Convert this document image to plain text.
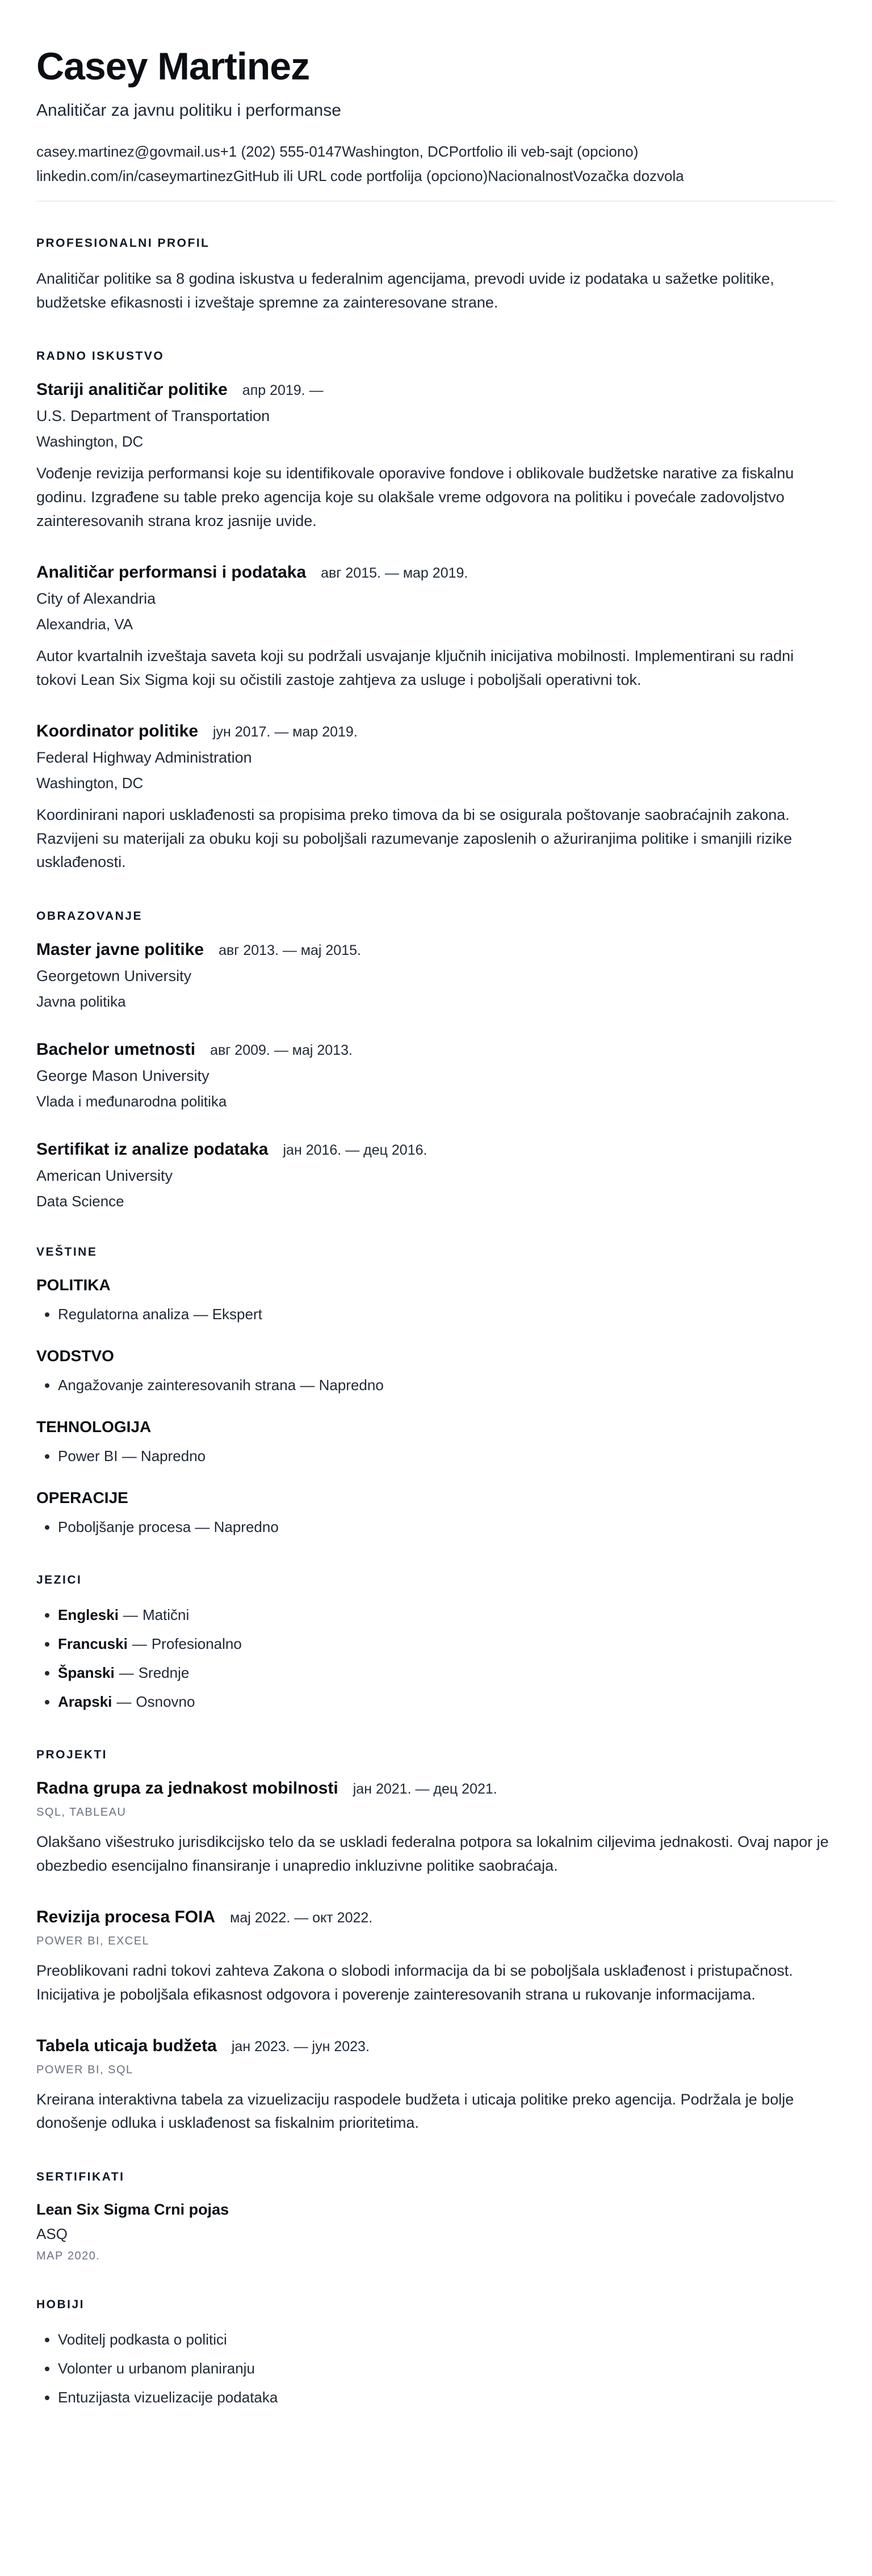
Casey Martinez
Analitičar za javnu politiku i performanse
casey.martinez@govmail.us+1 (202) 555-0147Washington, DCPortfolio ili veb-sajt (opciono)
linkedin.com/in/caseymartinezGitHub ili URL code portfolija (opciono)NacionalnostVozačka dozvola
PROFESIONALNI PROFIL

Analitičar politike sa 8 godina iskustva u federalnim agencijama, prevodi uvide iz podataka u sažetke politike, budžetske efikasnosti i izveštaje spremne za zainteresovane strane.

RADNO ISKUSTVO
Stariji analitičar politike апр 2019. —
U.S. Department of Transportation
Washington, DC

Vođenje revizija performansi koje su identifikovale oporavive fondove i oblikovale budžetske narative za fiskalnu godinu. Izgrađene su table preko agencija koje su olakšale vreme odgovora na politiku i povećale zadovoljstvo zainteresovanih strana kroz jasnije uvide.

Analitičar performansi i podataka авг 2015. — мар 2019.
City of Alexandria
Alexandria, VA

Autor kvartalnih izveštaja saveta koji su podržali usvajanje ključnih inicijativa mobilnosti. Implementirani su radni tokovi Lean Six Sigma koji su očistili zastoje zahtjeva za usluge i poboljšali operativni tok.

Koordinator politike јун 2017. — мар 2019.
Federal Highway Administration
Washington, DC

Koordinirani napori usklađenosti sa propisima preko timova da bi se osigurala poštovanje saobraćajnih zakona. Razvijeni su materijali za obuku koji su poboljšali razumevanje zaposlenih o ažuriranjima politike i smanjili rizike usklađenosti.

OBRAZOVANJE
Master javne politike авг 2013. — мај 2015.
Georgetown University
Javna politika
Bachelor umetnosti авг 2009. — мај 2013.
George Mason University
Vlada i međunarodna politika
Sertifikat iz analize podataka јан 2016. — дец 2016.
American University
Data Science
VEŠTINE
POLITIKA
• Regulatorna analiza — Ekspert
VODSTVO
• Angažovanje zainteresovanih strana — Napredno
TEHNOLOGIJA
• Power BI — Napredno
OPERACIJE
• Poboljšanje procesa — Napredno
JEZICI
• Engleski — Matični
• Francuski — Profesionalno
• Španski — Srednje
• Arapski — Osnovno
PROJEKTI
Radna grupa za jednakost mobilnosti јан 2021. — дец 2021.
SQL, TABLEAU

Olakšano višestruko jurisdikcijsko telo da se uskladi federalna potpora sa lokalnim ciljevima jednakosti. Ovaj napor je obezbedio esencijalno finansiranje i unapredio inkluzivne politike saobraćaja.

Revizija procesa FOIA мај 2022. — окт 2022.
POWER BI, EXCEL

Preoblikovani radni tokovi zahteva Zakona o slobodi informacija da bi se poboljšala usklađenost i pristupačnost. Inicijativa je poboljšala efikasnost odgovora i poverenje zainteresovanih strana u rukovanje informacijama.

Tabela uticaja budžeta јан 2023. — јун 2023.
POWER BI, SQL

Kreirana interaktivna tabela za vizuelizaciju raspodele budžeta i uticaja politike preko agencija. Podržala je bolje donošenje odluka i usklađenost sa fiskalnim prioritetima.

SERTIFIKATI
Lean Six Sigma Crni pojas
ASQ
МАР 2020.
HOBIJI
• Voditelj podkasta o politici
• Volonter u urbanom planiranju
• Entuzijasta vizuelizacije podataka
